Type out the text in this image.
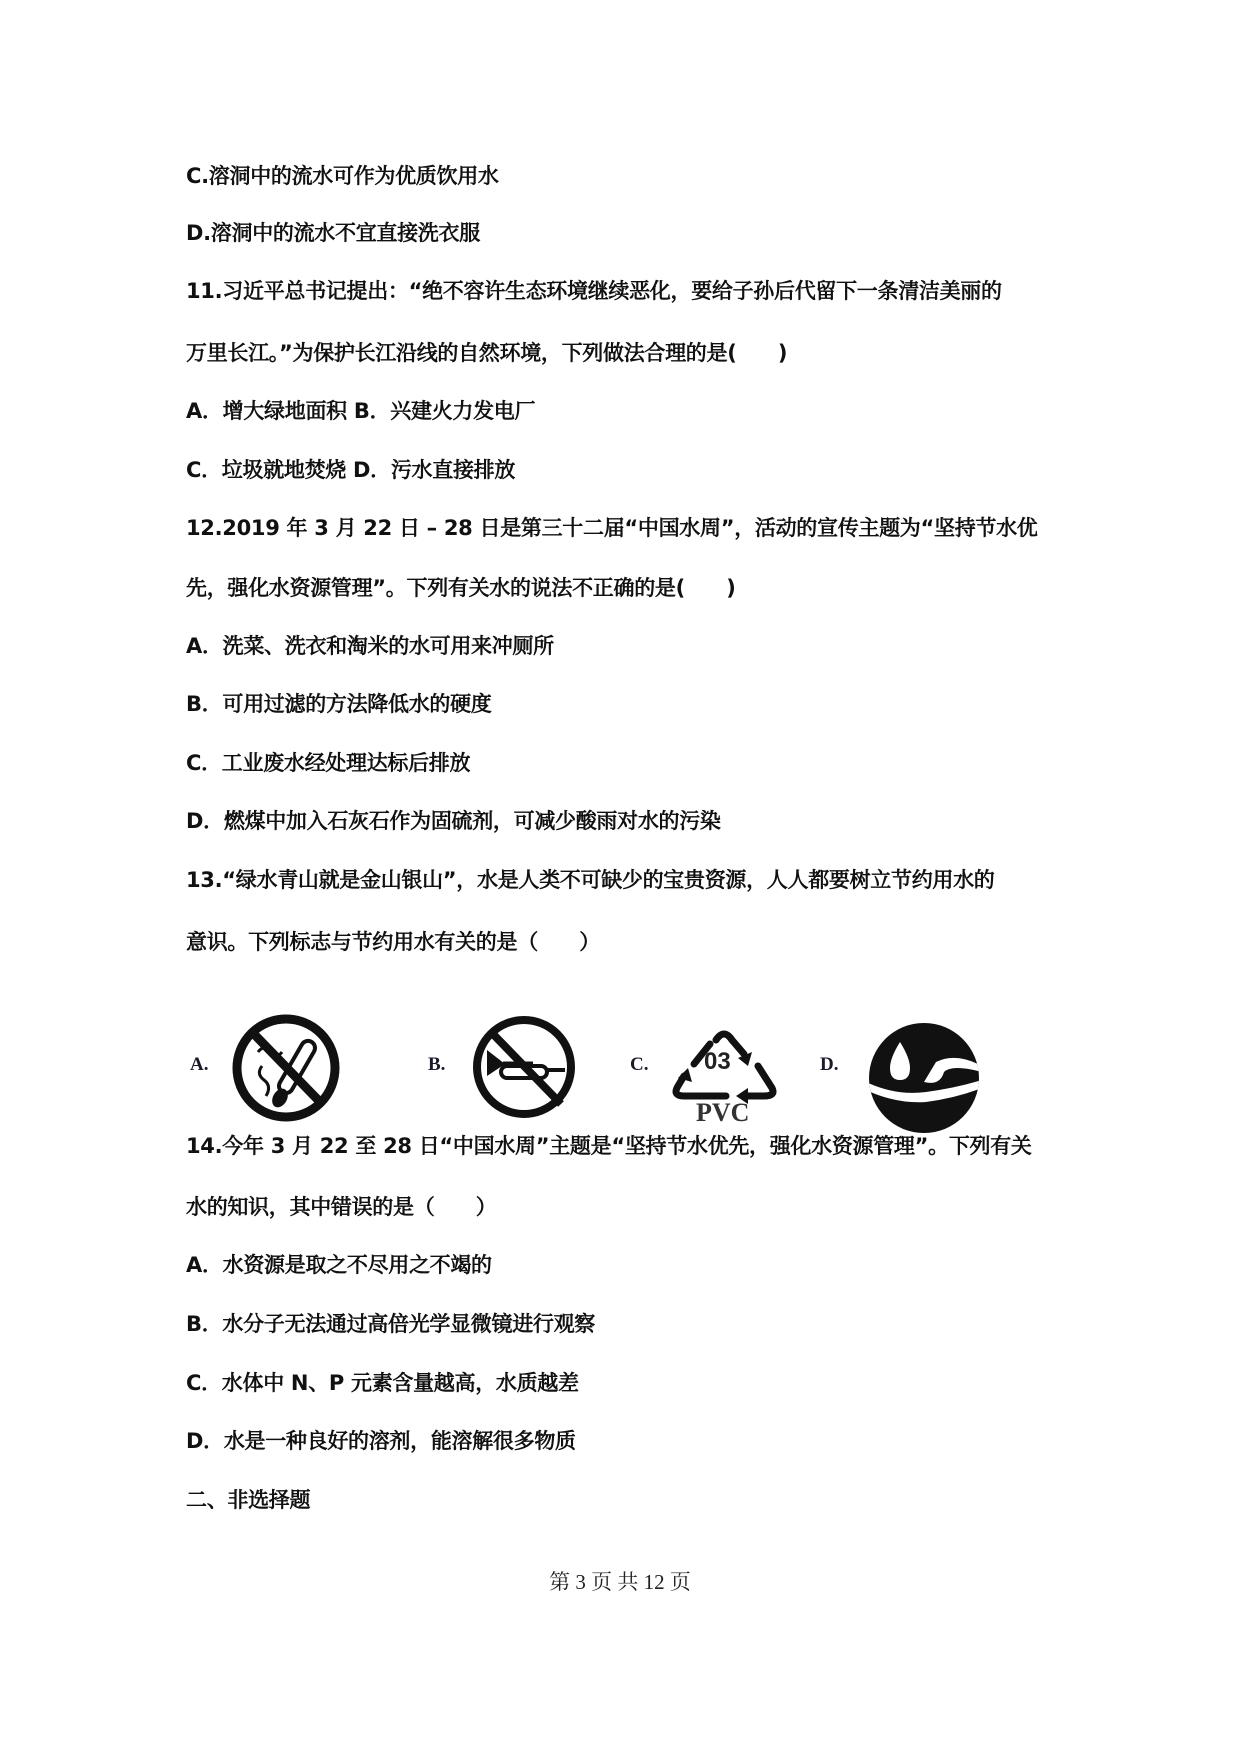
C.溶洞中的流水可作为优质饮用水
D.溶洞中的流水不宜直接洗衣服
11.习近平总书记提出：“绝不容许生态环境继续恶化，要给子孙后代留下一条清洁美丽的
万里长江。”为保护长江沿线的自然环境，下列做法合理的是(　　)
A．增大绿地面积 B．兴建火力发电厂
C．垃圾就地焚烧 D．污水直接排放
12.2019 年 3 月 22 日 – 28 日是第三十二届“中国水周”，活动的宣传主题为“坚持节水优
先，强化水资源管理”。下列有关水的说法不正确的是(　　)
A．洗菜、洗衣和淘米的水可用来冲厕所
B．可用过滤的方法降低水的硬度
C．工业废水经处理达标后排放
D．燃煤中加入石灰石作为固硫剂，可减少酸雨对水的污染
13.“绿水青山就是金山银山”，水是人类不可缺少的宝贵资源，人人都要树立节约用水的
意识。下列标志与节约用水有关的是（　　）
A.	B.	C. 03
PVC
D.
14.今年 3 月 22 至 28 日“中国水周”主题是“坚持节水优先，强化水资源管理”。下列有关
水的知识，其中错误的是（　　）
A．水资源是取之不尽用之不竭的
B．水分子无法通过高倍光学显微镜进行观察
C．水体中 N、P 元素含量越高，水质越差
D．水是一种良好的溶剂，能溶解很多物质
二、非选择题
第 3 页 共 12 页
